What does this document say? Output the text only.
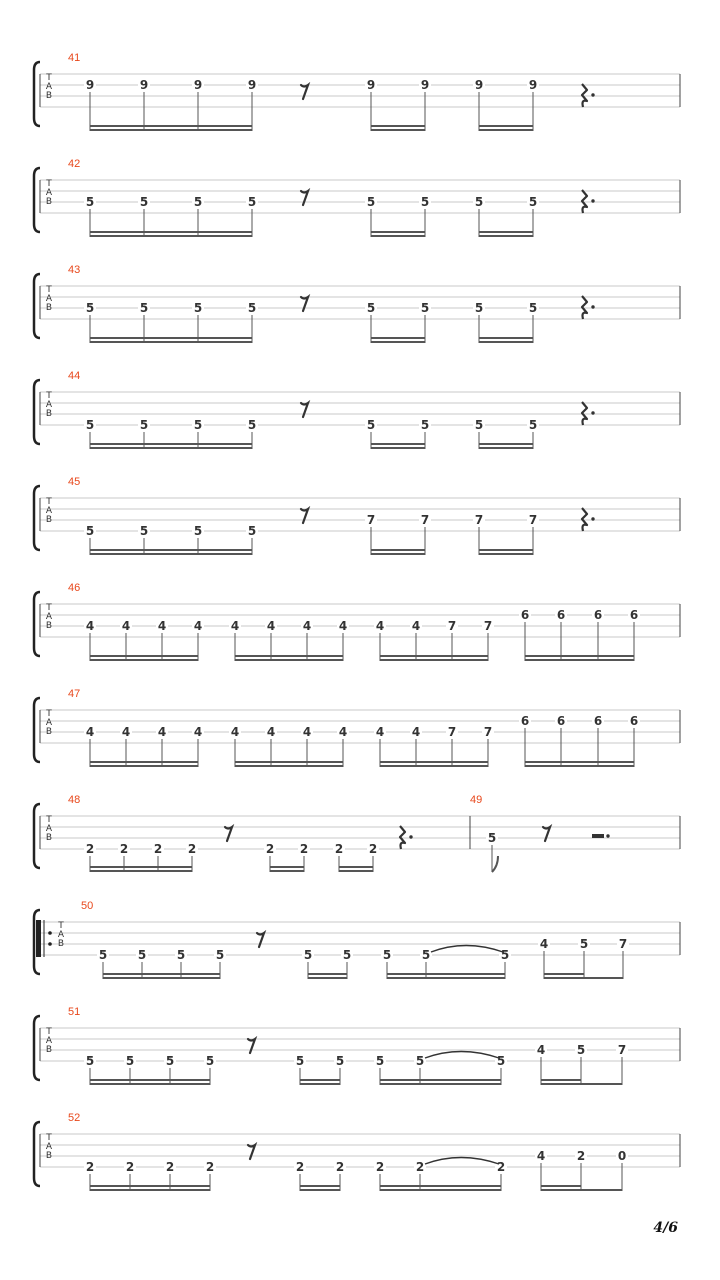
T
A
B
41
9	9	9	9	9	9	9	9
T
A
B
42
5	5	5	5	5	5	5	5
T
A
B
43
5	5	5	5	5	5	5	5
T
A
B
44
5	5	5	5	5	5	5	5
T
A
B
45
5	5	5	5
7	7	7	7
T
A
B
46
4 4 4 4 4 4 4 4 4 4 7 7
6 6 6 6
T
A
B
47
4 4 4 4 4 4 4 4 4 4 7 7
6 6 6 6
T
A
B
48
2 2 2 2	2 2 2 2
49
5
T
A
B
50
5	5	5	5	5	5	5	5	5
4	5	7
T
A
B
51
5	5	5	5	5	5	5	5	5
4	5	7
T
A
B
52
2	2	2	2	2	2	2	2	2
4	2	0
4/6
